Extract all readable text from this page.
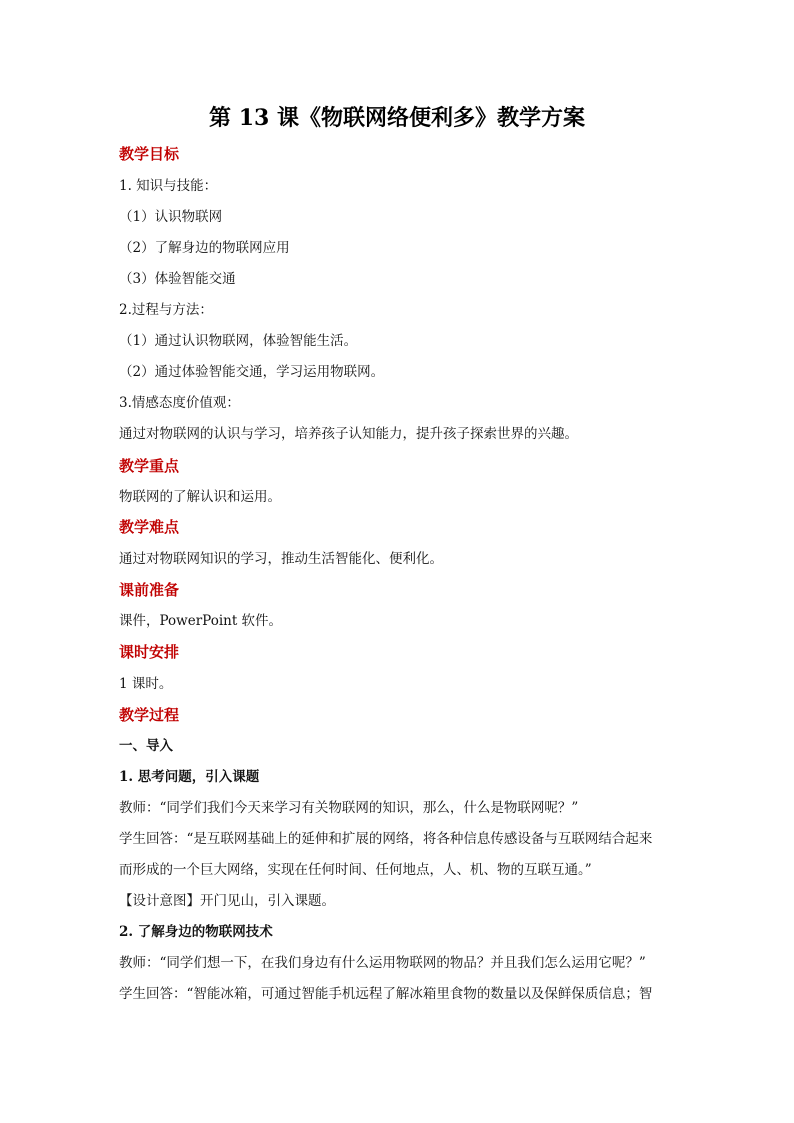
第 13 课《物联网络便利多》教学方案
教学目标
1. 知识与技能：
（1）认识物联网
（2）了解身边的物联网应用
（3）体验智能交通
2.过程与方法：
（1）通过认识物联网，体验智能生活。
（2）通过体验智能交通，学习运用物联网。
3.情感态度价值观：
通过对物联网的认识与学习，培养孩子认知能力，提升孩子探索世界的兴趣。
教学重点
物联网的了解认识和运用。
教学难点
通过对物联网知识的学习，推动生活智能化、便利化。
课前准备
课件，PowerPoint 软件。
课时安排
1 课时。
教学过程
一、导入
1. 思考问题，引入课题
教师：“同学们我们今天来学习有关物联网的知识，那么，什么是物联网呢？”
学生回答：“是互联网基础上的延伸和扩展的网络，将各种信息传感设备与互联网结合起来
而形成的一个巨大网络，实现在任何时间、任何地点，人、机、物的互联互通。”
【设计意图】开门见山，引入课题。
2. 了解身边的物联网技术
教师：“同学们想一下，在我们身边有什么运用物联网的物品？并且我们怎么运用它呢？”
学生回答：“智能冰箱，可通过智能手机远程了解冰箱里食物的数量以及保鲜保质信息；智
